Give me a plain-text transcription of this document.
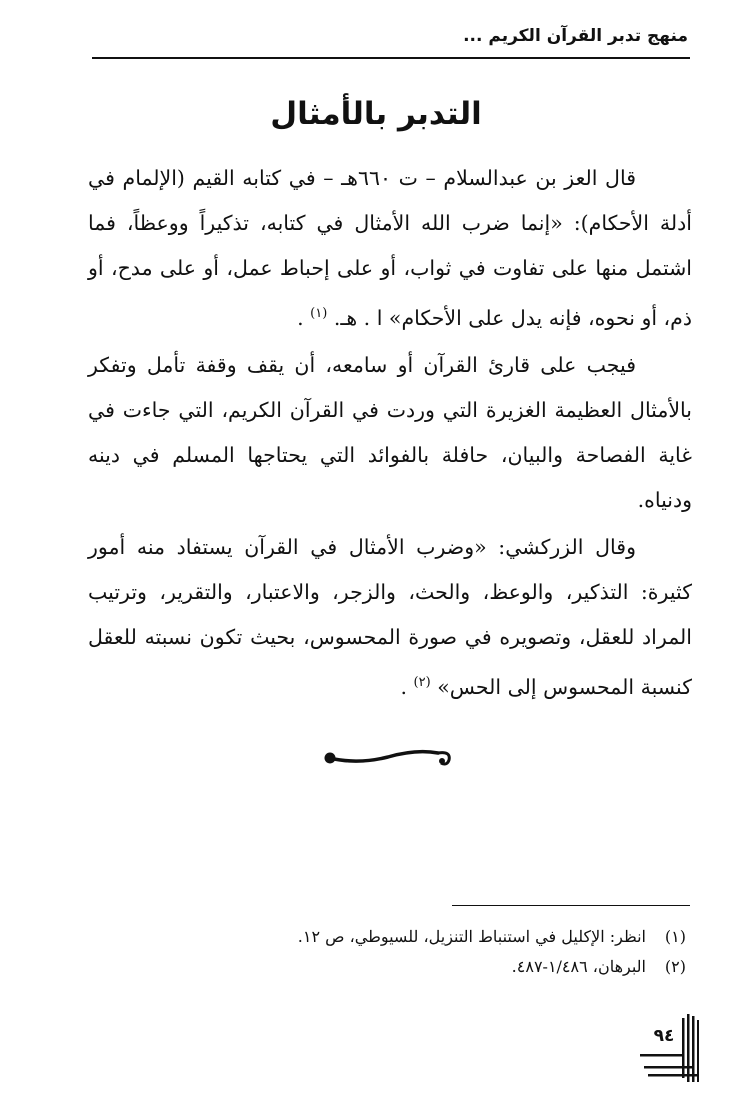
منهج تدبر القرآن الكريم ...
التدبر بالأمثال

قال العز بن عبدالسلام – ت ٦٦٠هـ – في كتابه القيم (الإلمام في أدلة الأحكام): «إنما ضرب الله الأمثال في كتابه، تذكيراً ووعظاً، فما اشتمل منها على تفاوت في ثواب، أو على إحباط عمل، أو على مدح، أو ذم، أو نحوه، فإنه يدل على الأحكام» ا . هـ. $^{(١)}$ .

فيجب على قارئ القرآن أو سامعه، أن يقف وقفة تأمل وتفكر بالأمثال العظيمة الغزيرة التي وردت في القرآن الكريم، التي جاءت في غاية الفصاحة والبيان، حافلة بالفوائد التي يحتاجها المسلم في دينه ودنياه.

وقال الزركشي: «وضرب الأمثال في القرآن يستفاد منه أمور كثيرة: التذكير، والوعظ، والحث، والزجر، والاعتبار، والتقرير، وترتيب المراد للعقل، وتصويره في صورة المحسوس، بحيث تكون نسبته للعقل كنسبة المحسوس إلى الحس» $^{(٢)}$ .

(١)انظر: الإكليل في استنباط التنزيل، للسيوطي، ص ١٢.
(٢)البرهان، ١/٤٨٦-٤٨٧.
٩٤
